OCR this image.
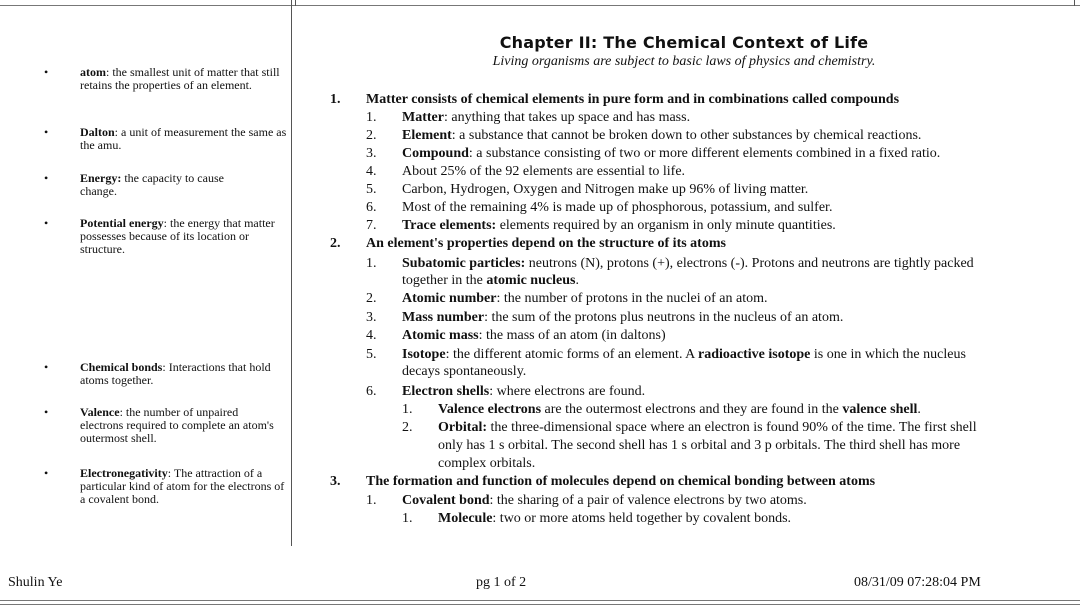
•	atom: the smallest unit of matter that still retains the properties of an element.
•	Dalton: a unit of measurement the same as the amu.
•	Energy: the capacity to cause change.
•	Potential energy: the energy that matter possesses because of its location or structure.
•	Chemical bonds: Interactions that hold atoms together.
•	Valence: the number of unpaired electrons required to complete an atom's outermost shell.
•	Electronegativity: The attraction of a particular kind of atom for the electrons of a covalent bond.
Chapter II: The Chemical Context of Life
Living organisms are subject to basic laws of physics and chemistry.
1. Matter consists of chemical elements in pure form and in combinations called compounds
1. Matter: anything that takes up space and has mass.
2. Element: a substance that cannot be broken down to other substances by chemical reactions.
3. Compound: a substance consisting of two or more different elements combined in a fixed ratio.
4. About 25% of the 92 elements are essential to life.
5. Carbon, Hydrogen, Oxygen and Nitrogen make up 96% of living matter.
6. Most of the remaining 4% is made up of phosphorous, potassium, and sulfer.
7. Trace elements: elements required by an organism in only minute quantities.
2. An element's properties depend on the structure of its atoms
1. Subatomic particles: neutrons (N), protons (+), electrons (-). Protons and neutrons are tightly packed
together in the atomic nucleus.
2. Atomic number: the number of protons in the nuclei of an atom.
3. Mass number: the sum of the protons plus neutrons in the nucleus of an atom.
4. Atomic mass: the mass of an atom (in daltons)
5. Isotope: the different atomic forms of an element. A radioactive isotope is one in which the nucleus
decays spontaneously.
6. Electron shells: where electrons are found.
1. Valence electrons are the outermost electrons and they are found in the valence shell.
2. Orbital: the three-dimensional space where an electron is found 90% of the time. The first shell
only has 1 s orbital. The second shell has 1 s orbital and 3 p orbitals. The third shell has more
complex orbitals.
3. The formation and function of molecules depend on chemical bonding between atoms
1. Covalent bond: the sharing of a pair of valence electrons by two atoms.
1. Molecule: two or more atoms held together by covalent bonds.
Shulin Ye	pg 1 of 2	08/31/09 07:28:04 PM
